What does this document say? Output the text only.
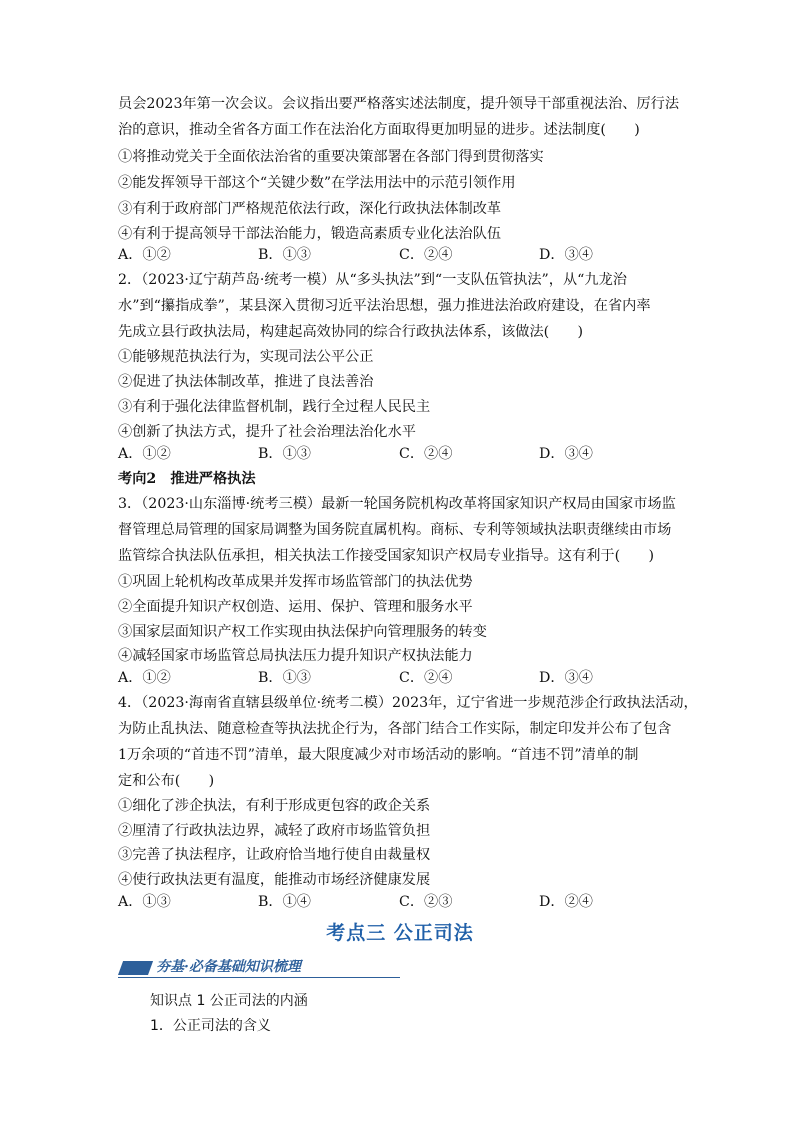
员会2023年第一次会议。会议指出要严格落实述法制度，提升领导干部重视法治、厉行法
治的意识，推动全省各方面工作在法治化方面取得更加明显的进步。述法制度(　　)
①将推动党关于全面依法治省的重要决策部署在各部门得到贯彻落实
②能发挥领导干部这个“关键少数”在学法用法中的示范引领作用
③有利于政府部门严格规范依法行政，深化行政执法体制改革
④有利于提高领导干部法治能力，锻造高素质专业化法治队伍
A．①②	B．①③	C．②④	D．③④
2．（2023·辽宁葫芦岛·统考一模）从“多头执法”到“一支队伍管执法”，从“九龙治
水”到“攥指成拳”，某县深入贯彻习近平法治思想，强力推进法治政府建设，在省内率
先成立县行政执法局，构建起高效协同的综合行政执法体系，该做法(　　)
①能够规范执法行为，实现司法公平公正
②促进了执法体制改革，推进了良法善治
③有利于强化法律监督机制，践行全过程人民民主
④创新了执法方式，提升了社会治理法治化水平
A．①②	B．①③	C．②④	D．③④
考向2　推进严格执法
3．（2023·山东淄博·统考三模）最新一轮国务院机构改革将国家知识产权局由国家市场监
督管理总局管理的国家局调整为国务院直属机构。商标、专利等领域执法职责继续由市场
监管综合执法队伍承担，相关执法工作接受国家知识产权局专业指导。这有利于(　　)
①巩固上轮机构改革成果并发挥市场监管部门的执法优势
②全面提升知识产权创造、运用、保护、管理和服务水平
③国家层面知识产权工作实现由执法保护向管理服务的转变
④减轻国家市场监管总局执法压力提升知识产权执法能力
A．①②	B．①③	C．②④	D．③④
4．（2023·海南省直辖县级单位·统考二模）2023年，辽宁省进一步规范涉企行政执法活动，
为防止乱执法、随意检查等执法扰企行为，各部门结合工作实际，制定印发并公布了包含
1万余项的“首违不罚”清单，最大限度减少对市场活动的影响。“首违不罚”清单的制
定和公布(　　)
①细化了涉企执法，有利于形成更包容的政企关系
②厘清了行政执法边界，减轻了政府市场监管负担
③完善了执法程序，让政府恰当地行使自由裁量权
④使行政执法更有温度，能推动市场经济健康发展
A．①③	B．①④	C．②③	D．②④
考点三 公正司法
夯基·必备基础知识梳理
知识点 1 公正司法的内涵
1．公正司法的含义
